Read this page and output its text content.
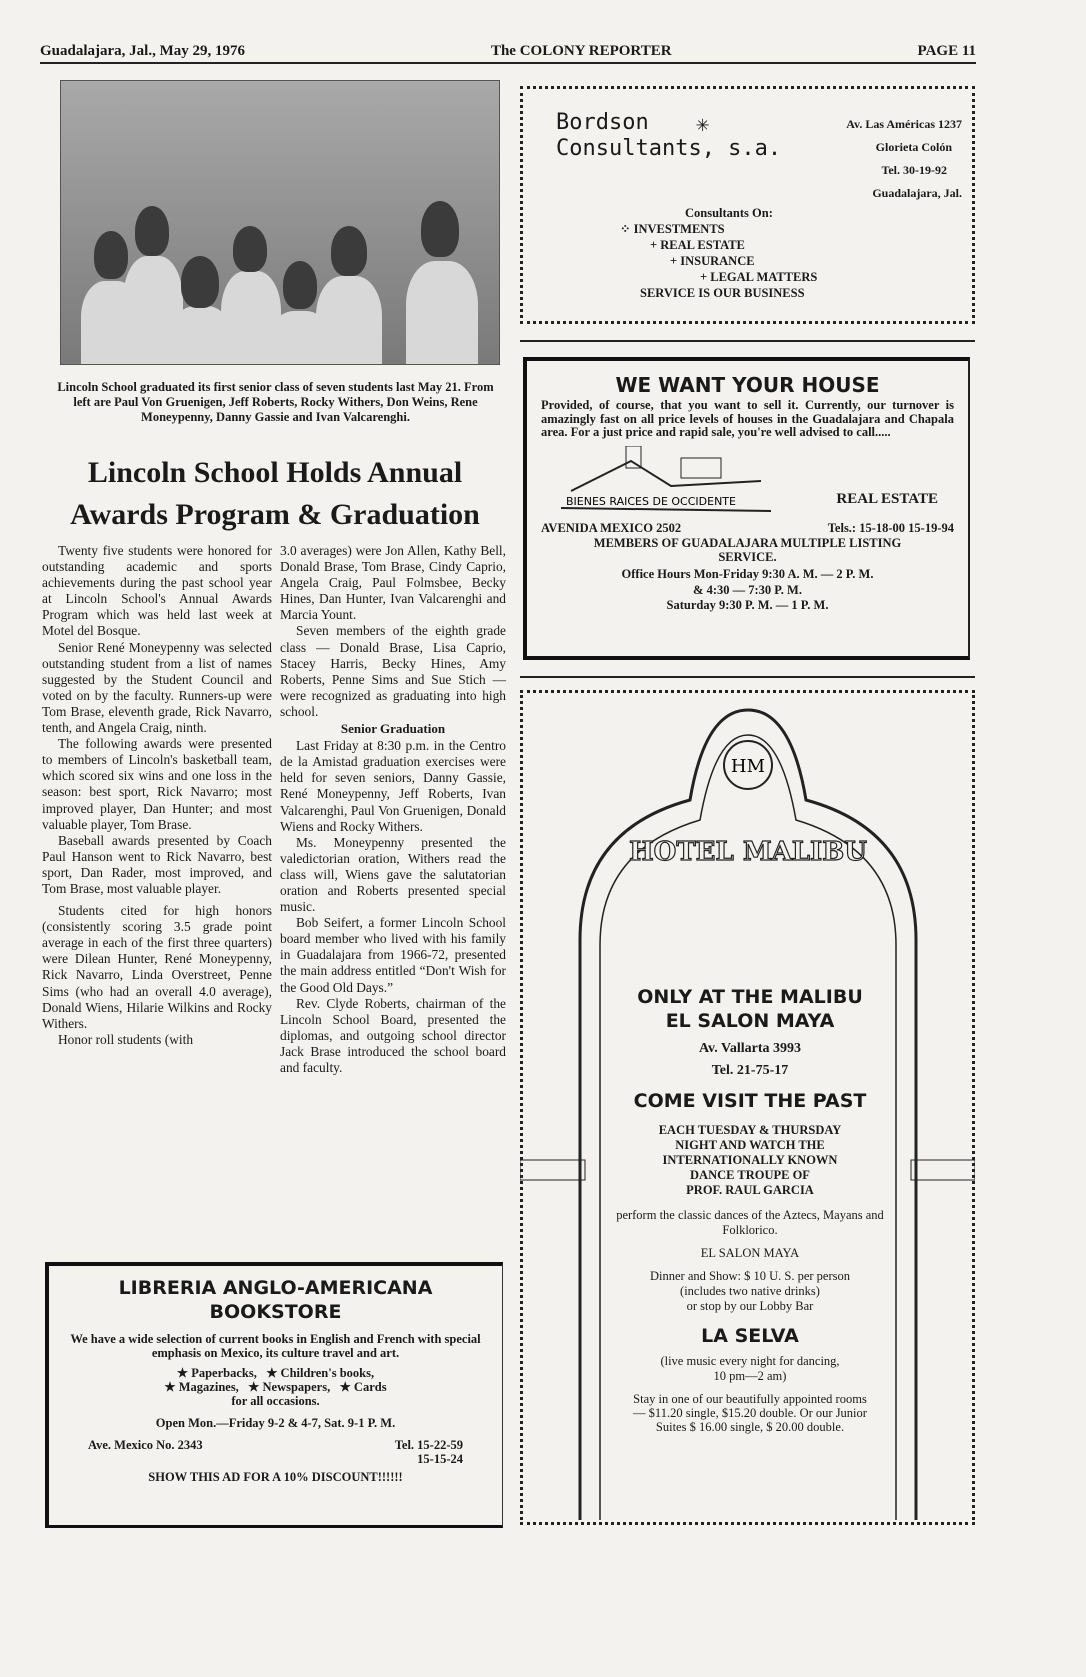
Guadalajara, Jal., May 29, 1976	The COLONY REPORTER	PAGE 11
Lincoln School graduated its first senior class of seven students last May 21. From left are Paul Von Gruenigen, Jeff Roberts, Rocky Withers, Don Weins, Rene Moneypenny, Danny Gassie and Ivan Valcarenghi.
Lincoln School Holds Annual
Awards Program & Graduation

Twenty five students were honored for outstanding academic and sports achievements during the past school year at Lincoln School's Annual Awards Program which was held last week at Motel del Bosque.

Senior René Moneypenny was selected outstanding student from a list of names suggested by the Student Council and voted on by the faculty. Runners-up were Tom Brase, eleventh grade, Rick Navarro, tenth, and Angela Craig, ninth.

The following awards were presented to members of Lincoln's basketball team, which scored six wins and one loss in the season: best sport, Rick Navarro; most improved player, Dan Hunter; and most valuable player, Tom Brase.

Baseball awards presented by Coach Paul Hanson went to Rick Navarro, best sport, Dan Rader, most improved, and Tom Brase, most valuable player.

Students cited for high honors (consistently scoring 3.5 grade point average in each of the first three quarters) were Dilean Hunter, René Moneypenny, Rick Navarro, Linda Overstreet, Penne Sims (who had an overall 4.0 average), Donald Wiens, Hilarie Wilkins and Rocky Withers.

Honor roll students (with

3.0 averages) were Jon Allen, Kathy Bell, Donald Brase, Tom Brase, Cindy Caprio, Angela Craig, Paul Folmsbee, Becky Hines, Dan Hunter, Ivan Valcarenghi and Marcia Yount.

Seven members of the eighth grade class — Donald Brase, Lisa Caprio, Stacey Harris, Becky Hines, Amy Roberts, Penne Sims and Sue Stich — were recognized as graduating into high school.

Senior Graduation

Last Friday at 8:30 p.m. in the Centro de la Amistad graduation exercises were held for seven seniors, Danny Gassie, René Moneypenny, Jeff Roberts, Ivan Valcarenghi, Paul Von Gruenigen, Donald Wiens and Rocky Withers.

Ms. Moneypenny presented the valedictorian oration, Withers read the class will, Wiens gave the salutatorian oration and Roberts presented special music.

Bob Seifert, a former Lincoln School board member who lived with his family in Guadalajara from 1966-72, presented the main address entitled “Don't Wish for the Good Old Days.”

Rev. Clyde Roberts, chairman of the Lincoln School Board, presented the diplomas, and outgoing school director Jack Brase introduced the school board and faculty.

LIBRERIA ANGLO-AMERICANA
BOOKSTORE
We have a wide selection of current books in English and French with special emphasis on Mexico, its culture travel and art.
★ Paperbacks,   ★ Children's books,
★ Magazines,   ★ Newspapers,   ★ Cards
for all occasions.
Open Mon.—Friday 9-2 & 4-7, Sat. 9-1 P. M.
Ave. Mexico No. 2343	Tel. 15-22-59
15-15-24
SHOW THIS AD FOR A 10% DISCOUNT!!!!!!
Bordson
Consultants, s.a.
✳	Av. Las Américas 1237
Glorieta Colón
Tel. 30-19-92
Guadalajara, Jal.
Consultants On:
⁘ INVESTMENTS
+ REAL ESTATE
+ INSURANCE
+ LEGAL MATTERS
SERVICE IS OUR BUSINESS
WE WANT YOUR HOUSE
Provided, of course, that you want to sell it. Currently, our turnover is amazingly fast on all price levels of houses in the Guadalajara and Chapala area. For a just price and rapid sale, you're well advised to call.....
BIENES RAICES DE OCCIDENTE	REAL ESTATE
AVENIDA MEXICO 2502	Tels.: 15-18-00 15-19-94
MEMBERS OF GUADALAJARA MULTIPLE LISTING SERVICE.
Office Hours Mon-Friday 9:30 A. M. — 2 P. M.
& 4:30 — 7:30 P. M.
Saturday 9:30 P. M. — 1 P. M.
HM
HOTEL MALIBU
ONLY AT THE MALIBU
EL SALON MAYA
Av. Vallarta 3993
Tel. 21-75-17
COME VISIT THE PAST
EACH TUESDAY & THURSDAY
NIGHT AND WATCH THE
INTERNATIONALLY KNOWN
DANCE TROUPE OF
PROF. RAUL GARCIA
perform the classic dances of the Aztecs, Mayans and Folklorico.
EL SALON MAYA
Dinner and Show: $ 10 U. S. per person
(includes two native drinks)
or stop by our Lobby Bar
LA SELVA
(live music every night for dancing,
10 pm—2 am)
Stay in one of our beautifully appointed rooms — $11.20 single, $15.20 double. Or our Junior Suites $ 16.00 single, $ 20.00 double.
